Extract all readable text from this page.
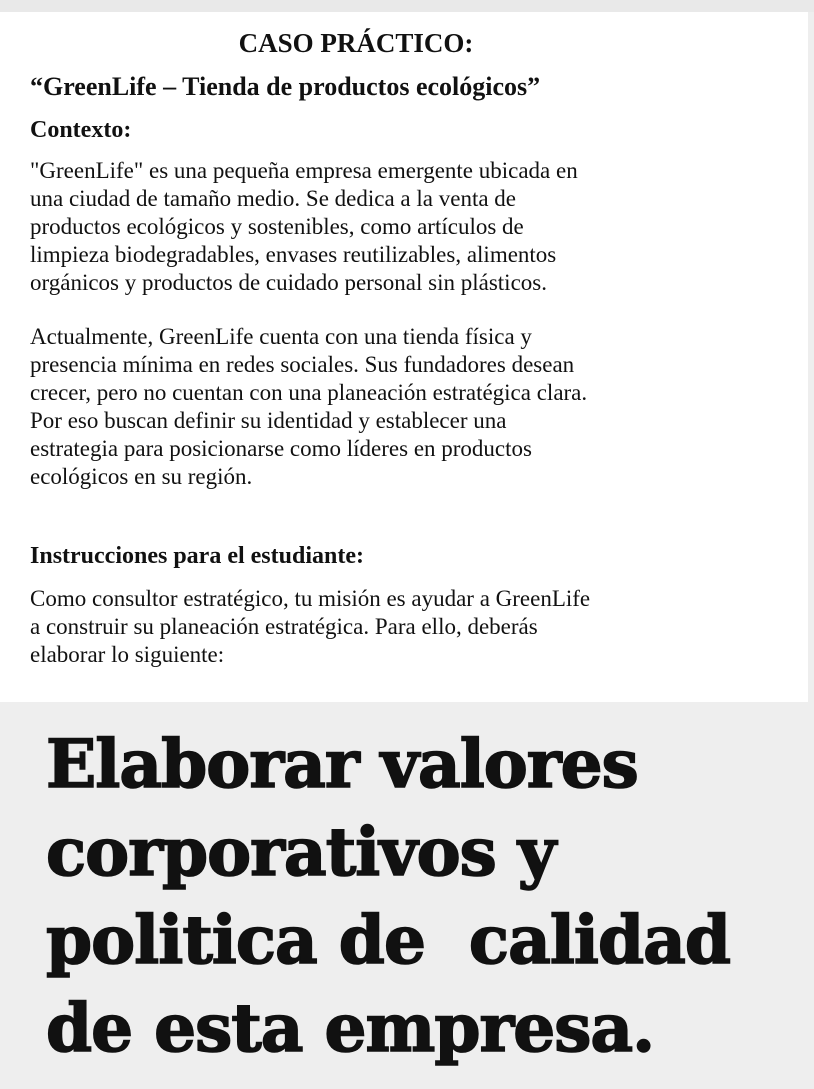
CASO PRÁCTICO:
“GreenLife – Tienda de productos ecológicos”
Contexto:

"GreenLife" es una pequeña empresa emergente ubicada en
una ciudad de tamaño medio. Se dedica a la venta de
productos ecológicos y sostenibles, como artículos de
limpieza biodegradables, envases reutilizables, alimentos
orgánicos y productos de cuidado personal sin plásticos.

Actualmente, GreenLife cuenta con una tienda física y
presencia mínima en redes sociales. Sus fundadores desean
crecer, pero no cuentan con una planeación estratégica clara.
Por eso buscan definir su identidad y establecer una
estrategia para posicionarse como líderes en productos
ecológicos en su región.

Instrucciones para el estudiante:

Como consultor estratégico, tu misión es ayudar a GreenLife
a construir su planeación estratégica. Para ello, deberás
elaborar lo siguiente:

Elaborar valores
corporativos y
politica de  calidad
de esta empresa.
